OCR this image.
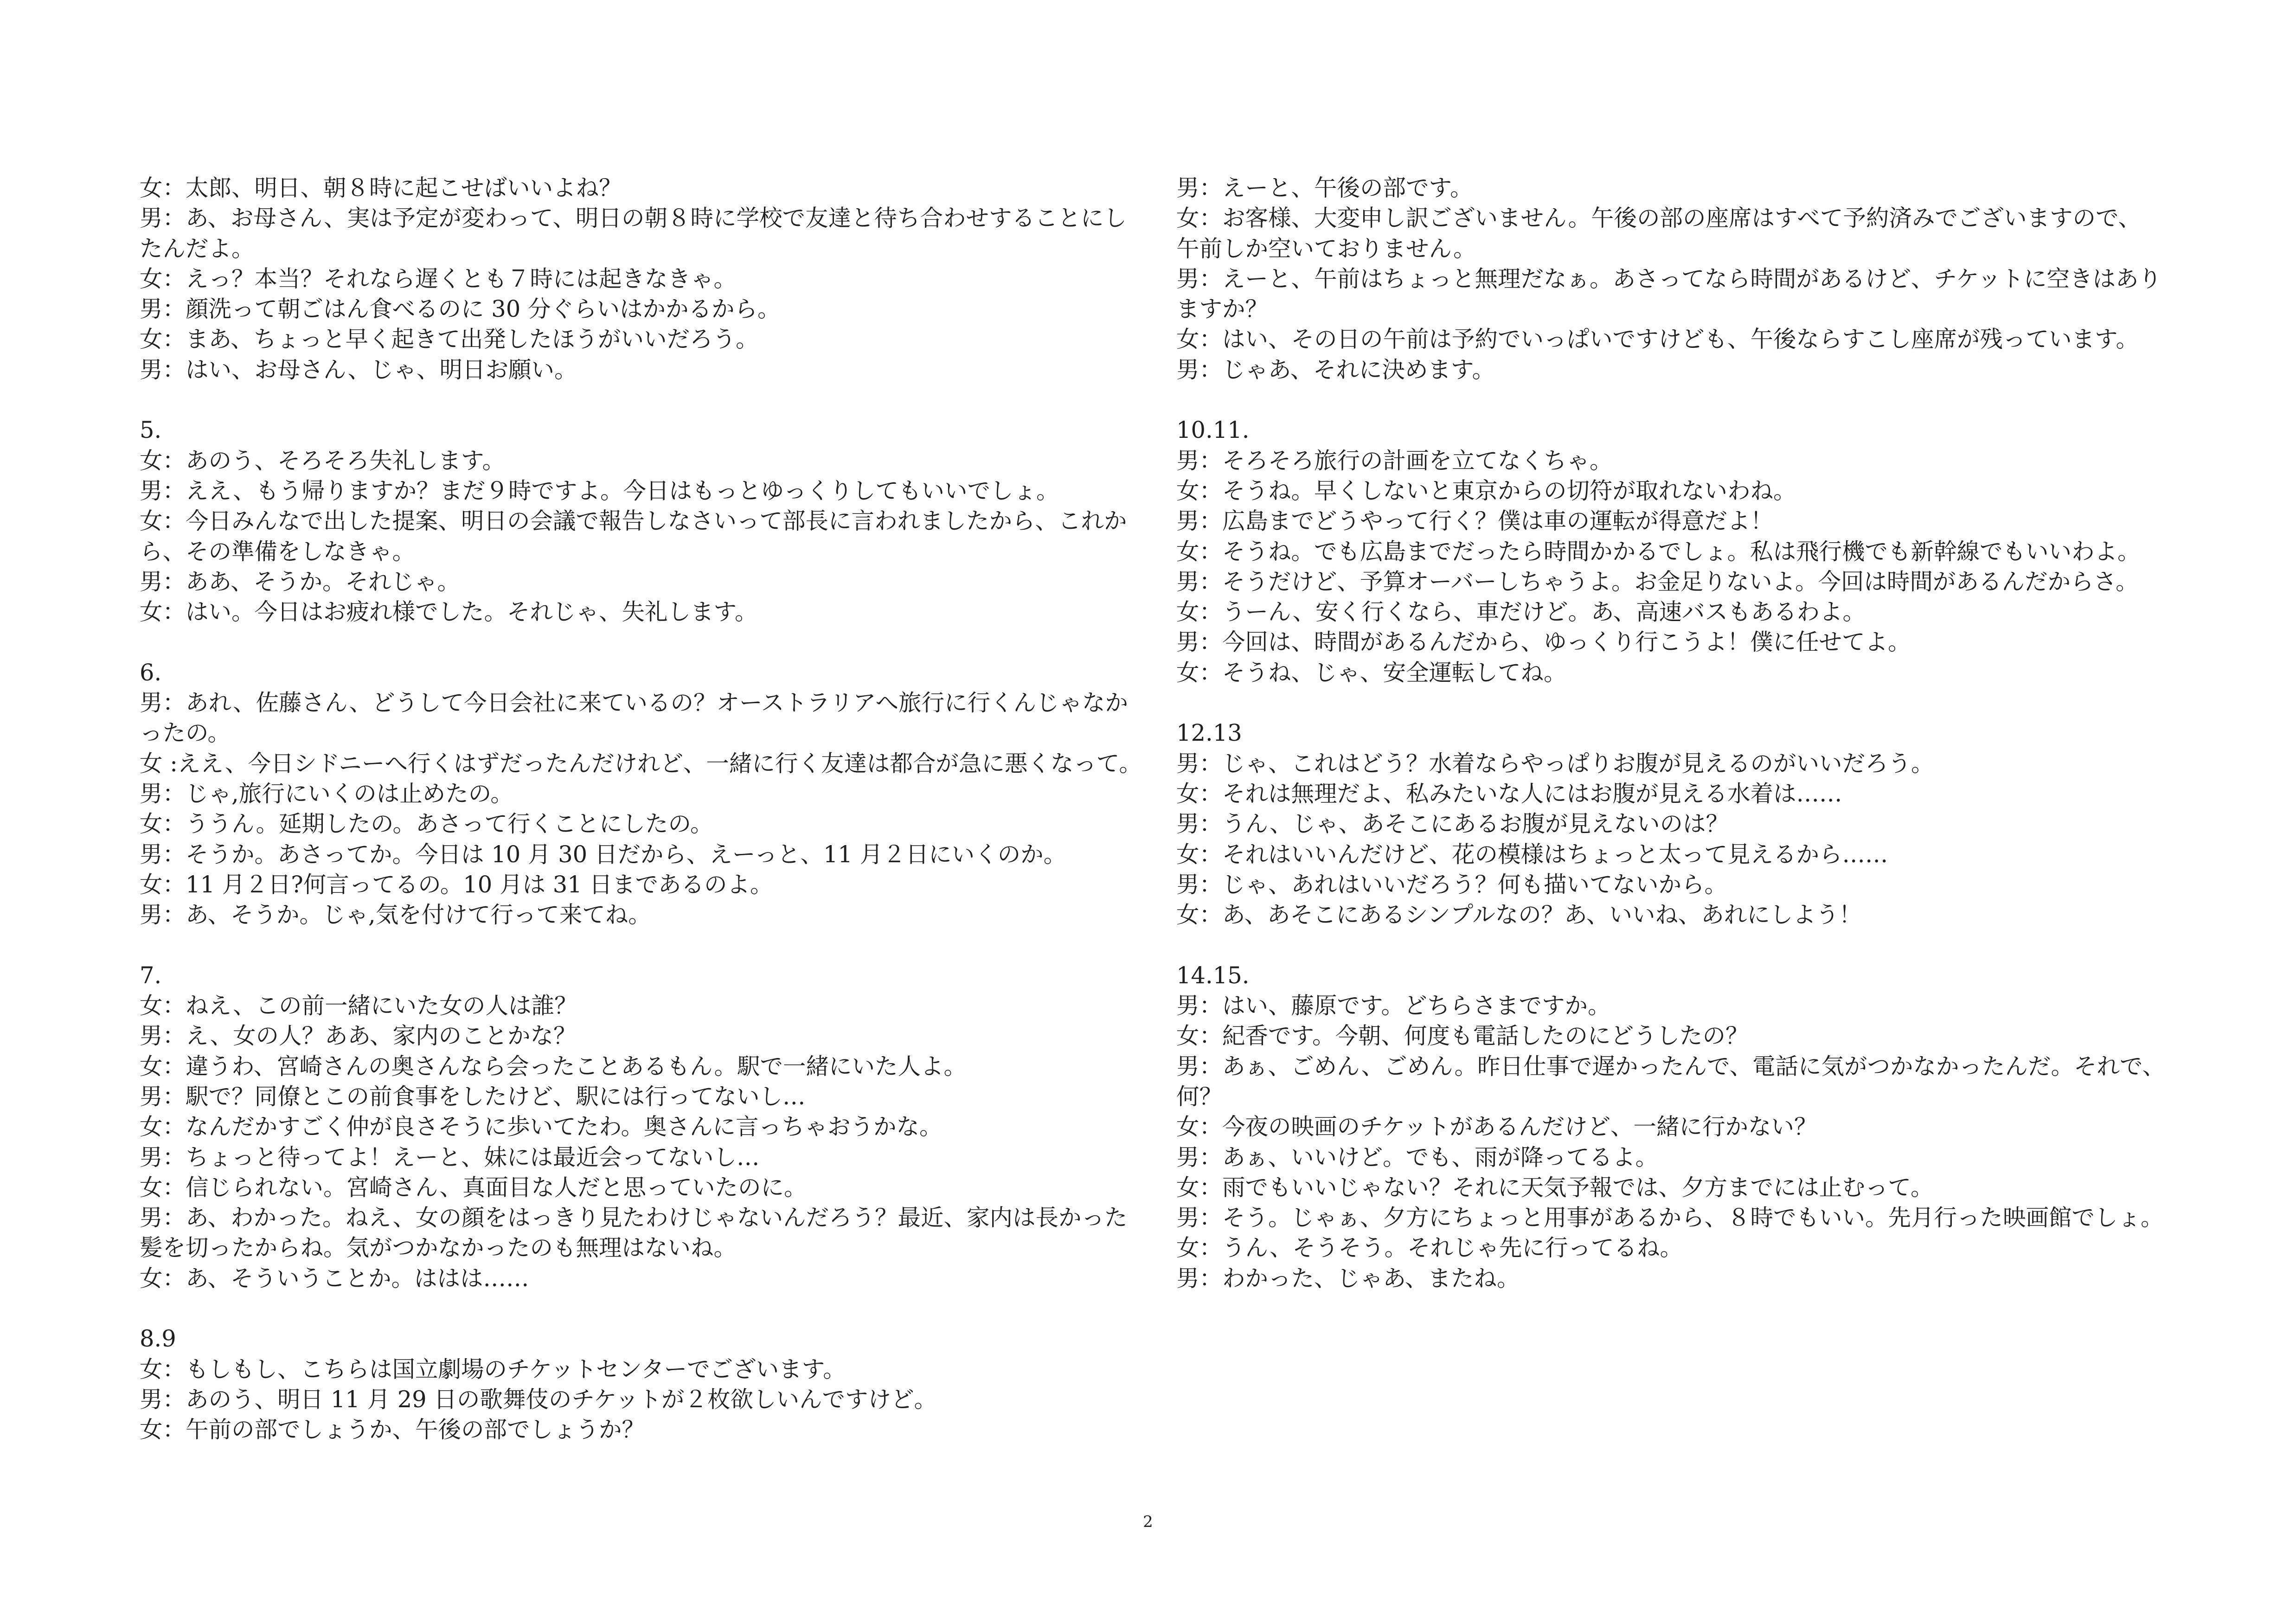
女：太郎、明日、朝８時に起こせばいいよね？
男：あ、お母さん、実は予定が変わって、明日の朝８時に学校で友達と待ち合わせすることにし
たんだよ。
女：えっ？本当？それなら遅くとも７時には起きなきゃ。
男：顔洗って朝ごはん食べるのに 30 分ぐらいはかかるから。
女：まあ、ちょっと早く起きて出発したほうがいいだろう。
男：はい、お母さん、じゃ、明日お願い。
5.
女：あのう、そろそろ失礼します。
男：ええ、もう帰りますか？まだ９時ですよ。今日はもっとゆっくりしてもいいでしょ。
女：今日みんなで出した提案、明日の会議で報告しなさいって部長に言われましたから、これか
ら、その準備をしなきゃ。
男：ああ、そうか。それじゃ。
女：はい。今日はお疲れ様でした。それじゃ、失礼します。
6.
男：あれ、佐藤さん、どうして今日会社に来ているの？オーストラリアへ旅行に行くんじゃなか
ったの。
女 :ええ、今日シドニーへ行くはずだったんだけれど、一緒に行く友達は都合が急に悪くなって。
男：じゃ,旅行にいくのは止めたの。
女：ううん。延期したの。あさって行くことにしたの。
男：そうか。あさってか。今日は 10 月 30 日だから、えーっと、11 月２日にいくのか。
女：11 月２日?何言ってるの。10 月は 31 日まであるのよ。
男：あ、そうか。じゃ,気を付けて行って来てね。
7.
女：ねえ、この前一緒にいた女の人は誰？
男：え、女の人？ああ、家内のことかな？
女：違うわ、宮崎さんの奥さんなら会ったことあるもん。駅で一緒にいた人よ。
男：駅で？同僚とこの前食事をしたけど、駅には行ってないし…
女：なんだかすごく仲が良さそうに歩いてたわ。奥さんに言っちゃおうかな。
男：ちょっと待ってよ！えーと、妹には最近会ってないし…
女：信じられない。宮崎さん、真面目な人だと思っていたのに。
男：あ、わかった。ねえ、女の顔をはっきり見たわけじゃないんだろう？最近、家内は長かった
髪を切ったからね。気がつかなかったのも無理はないね。
女：あ、そういうことか。ははは……
8.9
女：もしもし、こちらは国立劇場のチケットセンターでございます。
男：あのう、明日 11 月 29 日の歌舞伎のチケットが２枚欲しいんですけど。
女：午前の部でしょうか、午後の部でしょうか？
男：えーと、午後の部です。
女：お客様、大変申し訳ございません。午後の部の座席はすべて予約済みでございますので、
午前しか空いておりません。
男：えーと、午前はちょっと無理だなぁ。あさってなら時間があるけど、チケットに空きはあり
ますか？
女：はい、その日の午前は予約でいっぱいですけども、午後ならすこし座席が残っています。
男：じゃあ、それに決めます。
10.11.
男：そろそろ旅行の計画を立てなくちゃ。
女：そうね。早くしないと東京からの切符が取れないわね。
男：広島までどうやって行く？僕は車の運転が得意だよ！
女：そうね。でも広島までだったら時間かかるでしょ。私は飛行機でも新幹線でもいいわよ。
男：そうだけど、予算オーバーしちゃうよ。お金足りないよ。今回は時間があるんだからさ。
女：うーん、安く行くなら、車だけど。あ、高速バスもあるわよ。
男：今回は、時間があるんだから、ゆっくり行こうよ！僕に任せてよ。
女：そうね、じゃ、安全運転してね。
12.13
男：じゃ、これはどう？水着ならやっぱりお腹が見えるのがいいだろう。
女：それは無理だよ、私みたいな人にはお腹が見える水着は……
男：うん、じゃ、あそこにあるお腹が見えないのは？
女：それはいいんだけど、花の模様はちょっと太って見えるから……
男：じゃ、あれはいいだろう？何も描いてないから。
女：あ、あそこにあるシンプルなの？あ、いいね、あれにしよう！
14.15.
男：はい、藤原です。どちらさまですか。
女：紀香です。今朝、何度も電話したのにどうしたの？
男：あぁ、ごめん、ごめん。昨日仕事で遅かったんで、電話に気がつかなかったんだ。それで、
何？
女：今夜の映画のチケットがあるんだけど、一緒に行かない？
男：あぁ、いいけど。でも、雨が降ってるよ。
女：雨でもいいじゃない？それに天気予報では、夕方までには止むって。
男：そう。じゃぁ、夕方にちょっと用事があるから、８時でもいい。先月行った映画館でしょ。
女：うん、そうそう。それじゃ先に行ってるね。
男：わかった、じゃあ、またね。
2
